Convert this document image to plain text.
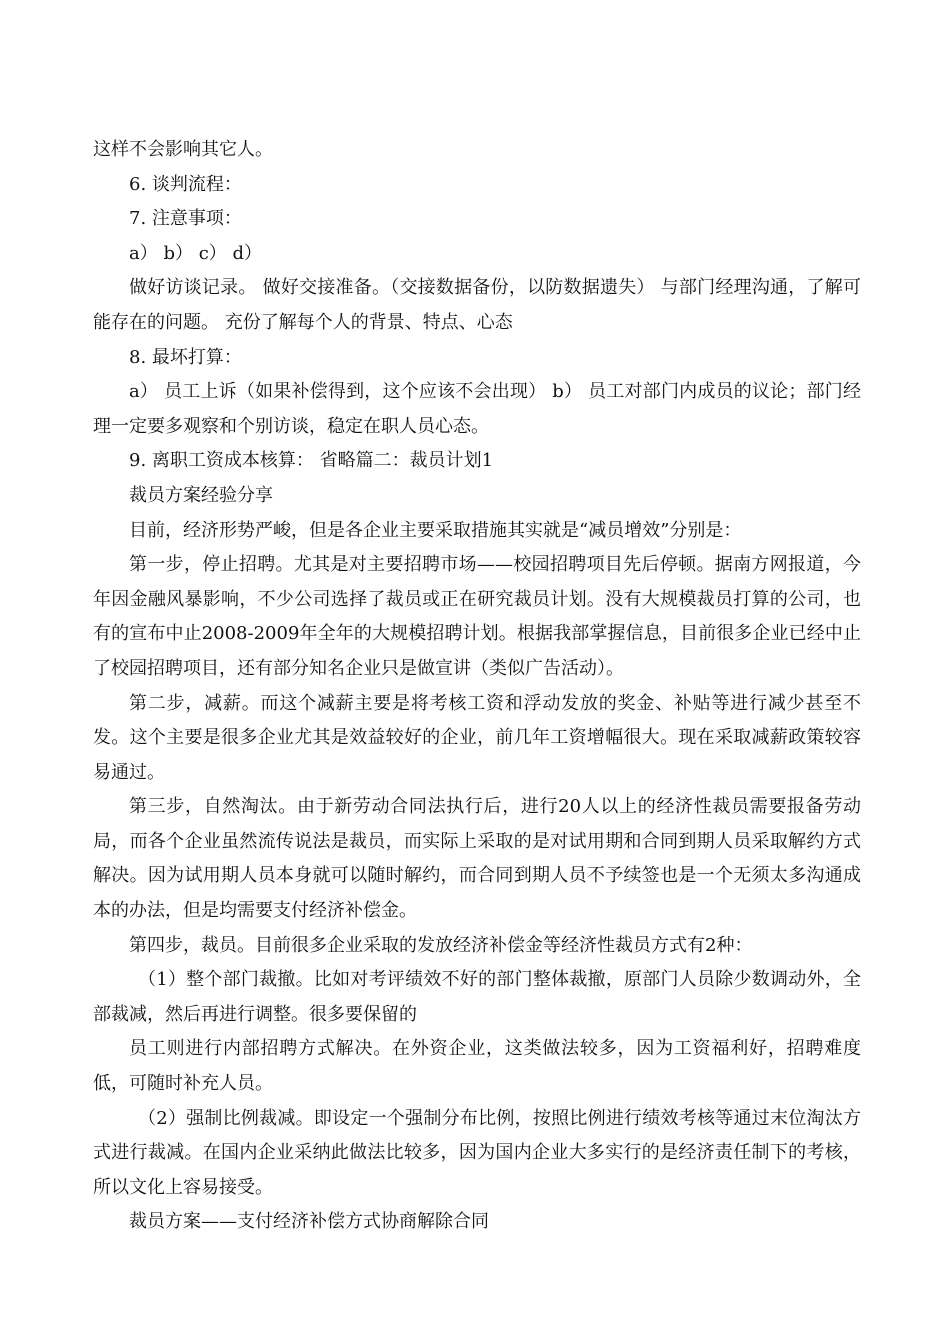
这样不会影响其它人。

6. 谈判流程：

7. 注意事项：

a） b） c） d）

做好访谈记录。 做好交接准备。（交接数据备份，以防数据遗失） 与部门经理沟通，了解可能存在的问题。 充份了解每个人的背景、特点、心态

8. 最坏打算：

a） 员工上诉（如果补偿得到，这个应该不会出现） b） 员工对部门内成员的议论；部门经理一定要多观察和个别访谈，稳定在职人员心态。

9. 离职工资成本核算： 省略篇二：裁员计划1

裁员方案经验分享

目前，经济形势严峻，但是各企业主要采取措施其实就是“减员增效”分别是：

第一步，停止招聘。尤其是对主要招聘市场——校园招聘项目先后停顿。据南方网报道，今年因金融风暴影响，不少公司选择了裁员或正在研究裁员计划。没有大规模裁员打算的公司，也有的宣布中止2008-2009年全年的大规模招聘计划。根据我部掌握信息，目前很多企业已经中止了校园招聘项目，还有部分知名企业只是做宣讲（类似广告活动）。

第二步，减薪。而这个减薪主要是将考核工资和浮动发放的奖金、补贴等进行减少甚至不发。这个主要是很多企业尤其是效益较好的企业，前几年工资增幅很大。现在采取减薪政策较容易通过。

第三步，自然淘汰。由于新劳动合同法执行后，进行20人以上的经济性裁员需要报备劳动局，而各个企业虽然流传说法是裁员，而实际上采取的是对试用期和合同到期人员采取解约方式解决。因为试用期人员本身就可以随时解约，而合同到期人员不予续签也是一个无须太多沟通成本的办法，但是均需要支付经济补偿金。

第四步，裁员。目前很多企业采取的发放经济补偿金等经济性裁员方式有2种：

（1）整个部门裁撤。比如对考评绩效不好的部门整体裁撤，原部门人员除少数调动外，全部裁减，然后再进行调整。很多要保留的

员工则进行内部招聘方式解决。在外资企业，这类做法较多，因为工资福利好，招聘难度低，可随时补充人员。

（2）强制比例裁减。即设定一个强制分布比例，按照比例进行绩效考核等通过末位淘汰方式进行裁减。在国内企业采纳此做法比较多，因为国内企业大多实行的是经济责任制下的考核，所以文化上容易接受。

裁员方案——支付经济补偿方式协商解除合同
